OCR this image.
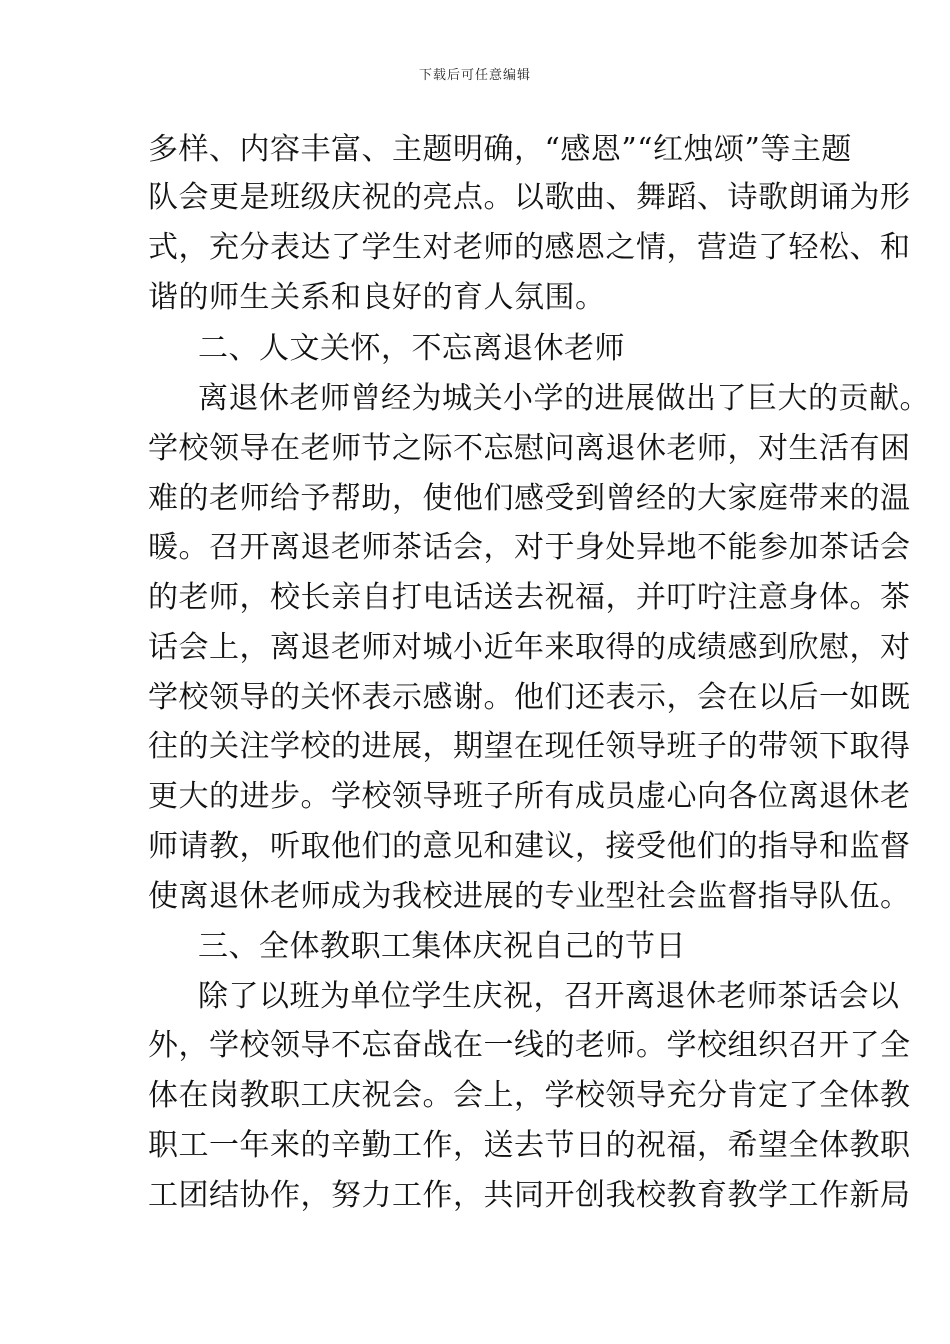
下载后可任意编辑
多样、内容丰富、主题明确，“感恩”“红烛颂”等主题
队会更是班级庆祝的亮点。以歌曲、舞蹈、诗歌朗诵为形
式，充分表达了学生对老师的感恩之情，营造了轻松、和
谐的师生关系和良好的育人氛围。
二、人文关怀，不忘离退休老师
离退休老师曾经为城关小学的进展做出了巨大的贡献。
学校领导在老师节之际不忘慰问离退休老师，对生活有困
难的老师给予帮助，使他们感受到曾经的大家庭带来的温
暖。召开离退老师茶话会，对于身处异地不能参加茶话会
的老师，校长亲自打电话送去祝福，并叮咛注意身体。茶
话会上，离退老师对城小近年来取得的成绩感到欣慰，对
学校领导的关怀表示感谢。他们还表示，会在以后一如既
往的关注学校的进展，期望在现任领导班子的带领下取得
更大的进步。学校领导班子所有成员虚心向各位离退休老
师请教，听取他们的意见和建议，接受他们的指导和监督
使离退休老师成为我校进展的专业型社会监督指导队伍。
三、全体教职工集体庆祝自己的节日
除了以班为单位学生庆祝，召开离退休老师茶话会以
外，学校领导不忘奋战在一线的老师。学校组织召开了全
体在岗教职工庆祝会。会上，学校领导充分肯定了全体教
职工一年来的辛勤工作，送去节日的祝福，希望全体教职
工团结协作，努力工作，共同开创我校教育教学工作新局
